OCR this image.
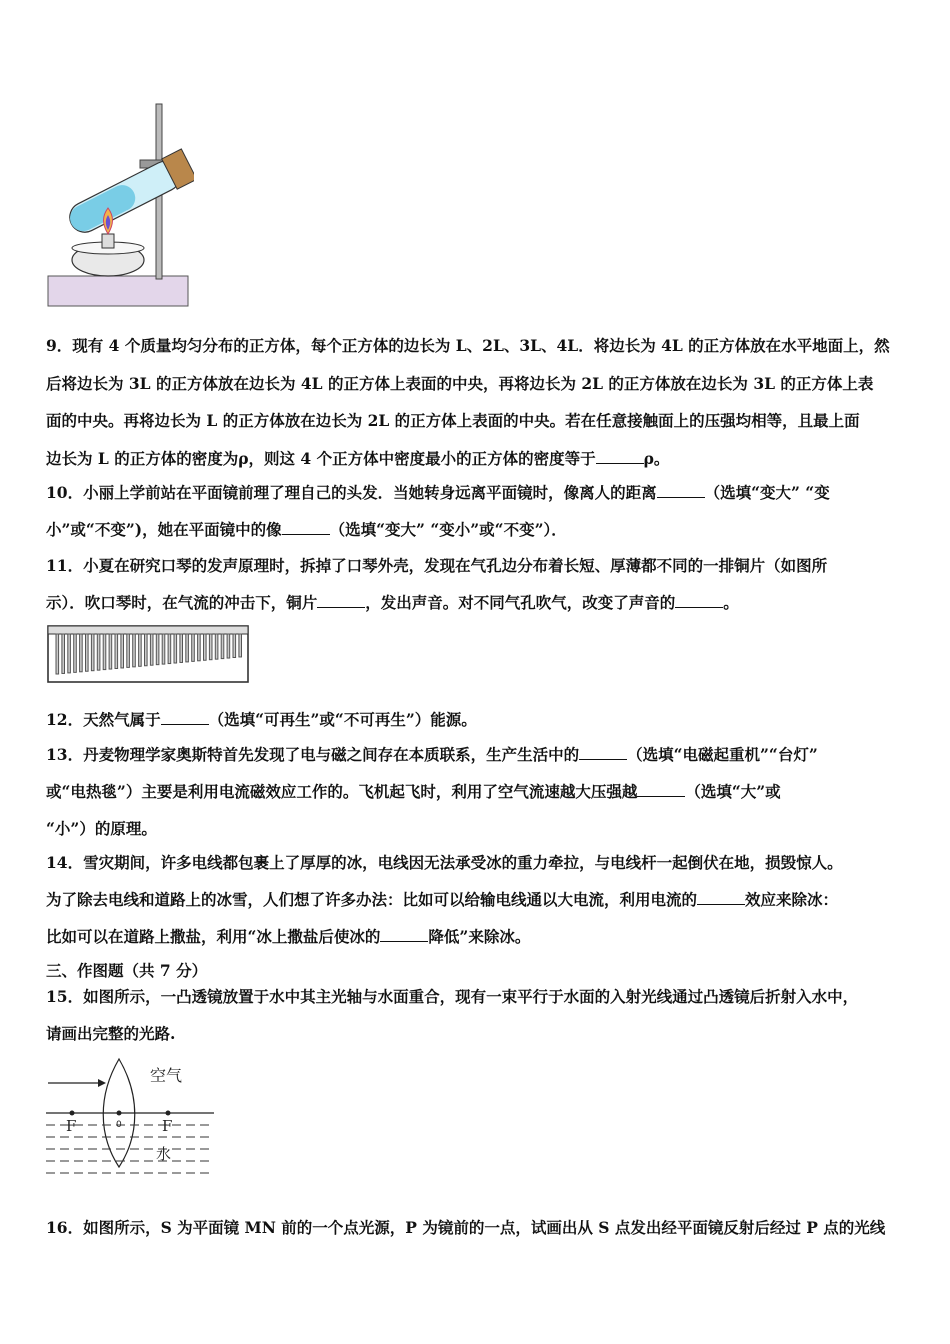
9．现有 4 个质量均匀分布的正方体，每个正方体的边长为 L、2L、3L、4L．将边长为 4L 的正方体放在水平地面上，然
后将边长为 3L 的正方体放在边长为 4L 的正方体上表面的中央，再将边长为 2L 的正方体放在边长为 3L 的正方体上表
面的中央。再将边长为 L 的正方体放在边长为 2L 的正方体上表面的中央。若在任意接触面上的压强均相等，且最上面
边长为 L 的正方体的密度为ρ，则这 4 个正方体中密度最小的正方体的密度等于	ρ。
10．小丽上学前站在平面镜前理了理自己的头发．当她转身远离平面镜时，像离人的距离	（选填“变大” “变
小”或“不变”)，她在平面镜中的像	（选填“变大” “变小”或“不变”）．
11．小夏在研究口琴的发声原理时，拆掉了口琴外壳，发现在气孔边分布着长短、厚薄都不同的一排铜片（如图所
示）．吹口琴时，在气流的冲击下，铜片	，发出声音。对不同气孔吹气，改变了声音的	。
12．天然气属于	（选填“可再生”或“不可再生”）能源。
13．丹麦物理学家奥斯特首先发现了电与磁之间存在本质联系，生产生活中的	（选填“电磁起重机”“台灯”
或“电热毯”）主要是利用电流磁效应工作的。飞机起飞时，利用了空气流速越大压强越	（选填“大”或
“小”）的原理。
14．雪灾期间，许多电线都包裹上了厚厚的冰，电线因无法承受冰的重力牵拉，与电线杆一起倒伏在地，损毁惊人。
为了除去电线和道路上的冰雪，人们想了许多办法：比如可以给输电线通以大电流，利用电流的	效应来除冰：
比如可以在道路上撒盐，利用“冰上撒盐后使冰的	降低”来除冰。
三、作图题（共 7 分）
15．如图所示，一凸透镜放置于水中其主光轴与水面重合，现有一束平行于水面的入射光线通过凸透镜后折射入水中，
请画出完整的光路.
空气
F	0	F
水
16．如图所示，S 为平面镜 MN 前的一个点光源，P 为镜前的一点，试画出从 S 点发出经平面镜反射后经过 P 点的光线
